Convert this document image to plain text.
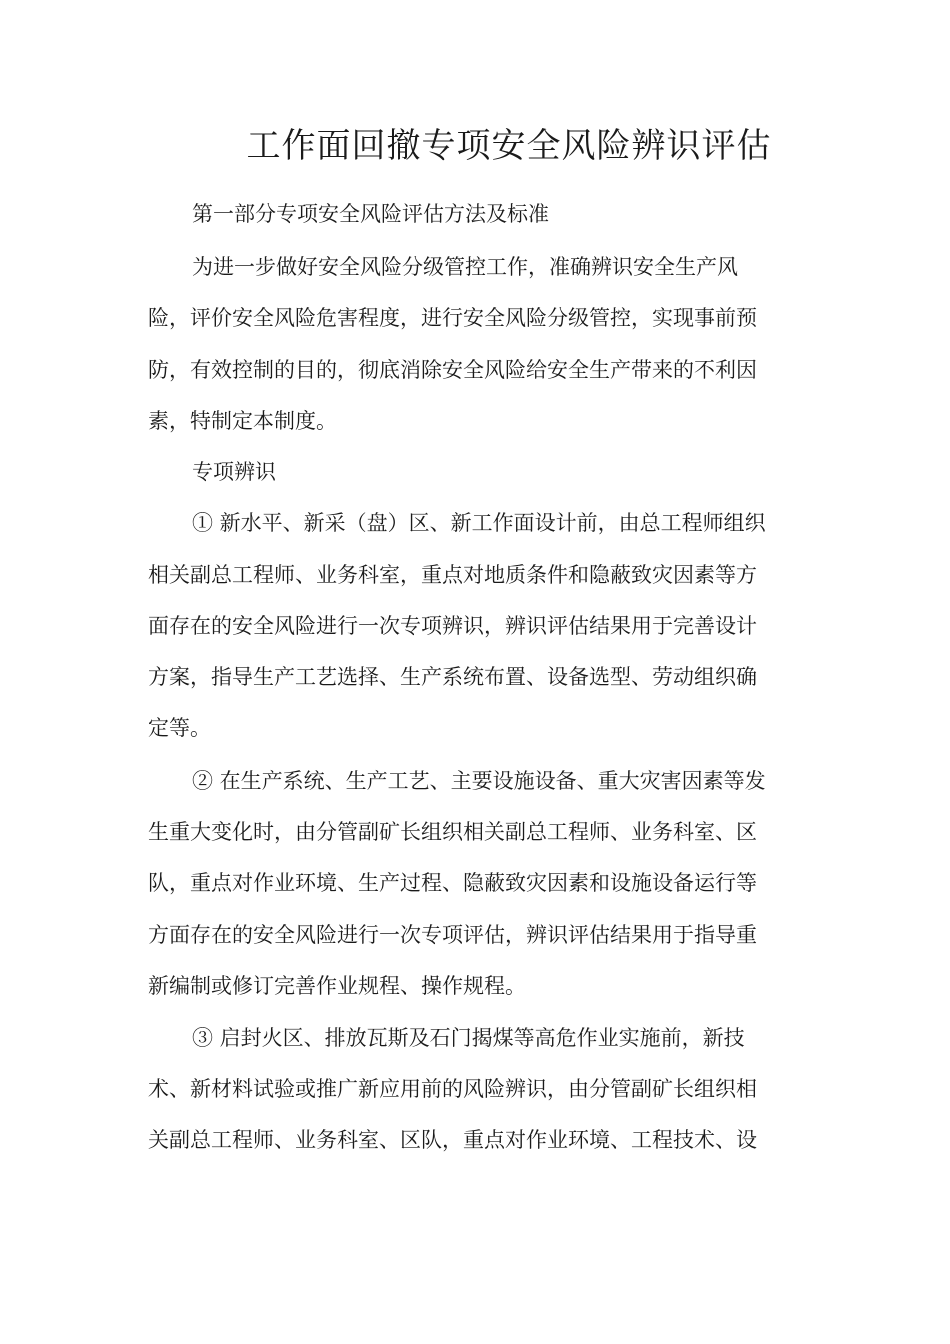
工作面回撤专项安全风险辨识评估

第一部分专项安全风险评估方法及标准

为进一步做好安全风险分级管控工作，准确辨识安全生产风

险，评价安全风险危害程度，进行安全风险分级管控，实现事前预

防，有效控制的目的，彻底消除安全风险给安全生产带来的不利因

素，特制定本制度。

专项辨识

① 新水平、新采（盘）区、新工作面设计前，由总工程师组织

相关副总工程师、业务科室，重点对地质条件和隐蔽致灾因素等方

面存在的安全风险进行一次专项辨识，辨识评估结果用于完善设计

方案，指导生产工艺选择、生产系统布置、设备选型、劳动组织确

定等。

② 在生产系统、生产工艺、主要设施设备、重大灾害因素等发

生重大变化时，由分管副矿长组织相关副总工程师、业务科室、区

队，重点对作业环境、生产过程、隐蔽致灾因素和设施设备运行等

方面存在的安全风险进行一次专项评估，辨识评估结果用于指导重

新编制或修订完善作业规程、操作规程。

③ 启封火区、排放瓦斯及石门揭煤等高危作业实施前，新技

术、新材料试验或推广新应用前的风险辨识，由分管副矿长组织相

关副总工程师、业务科室、区队，重点对作业环境、工程技术、设
